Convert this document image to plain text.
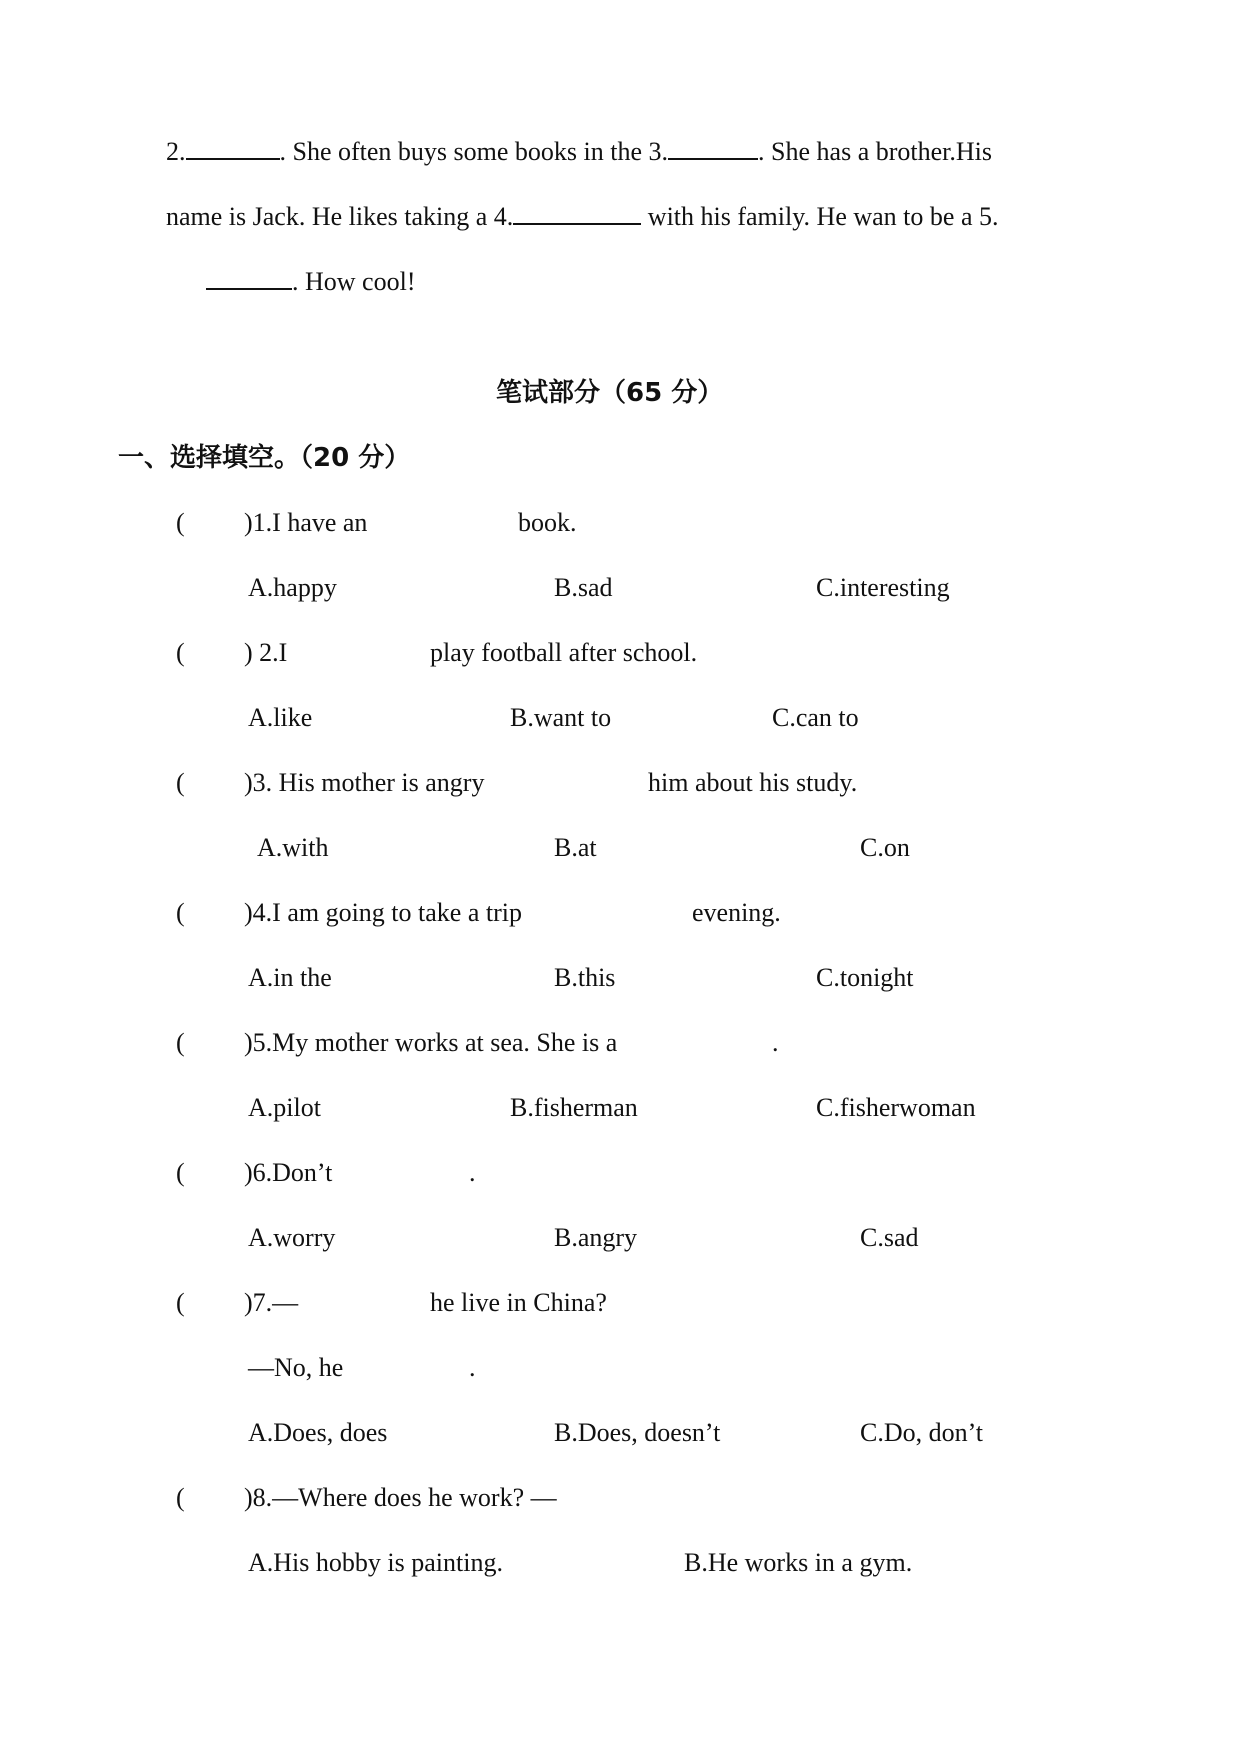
2.	. She often buys some books in the 3.	. She has a brother.His
name is Jack. He likes taking a 4.	with his family. He wan to be a 5.
. How cool!
笔试部分（65 分）
一、选择填空。（20 分）
( )1.I have an	book.
A.happy	B.sad	C.interesting
( ) 2.I	play football after school.
A.like	B.want to	C.can to
( )3. His mother is angry	him about his study.
A.with	B.at	C.on
( )4.I am going to take a trip	evening.
A.in the	B.this	C.tonight
( )5.My mother works at sea. She is a	.
A.pilot	B.fisherman	C.fisherwoman
( )6.Don’t	.
A.worry	B.angry	C.sad
( )7.—	he live in China?
—No, he	.
A.Does, does	B.Does, doesn’t	C.Do, don’t
( )8.—Where does he work? —
A.His hobby is painting.	B.He works in a gym.
